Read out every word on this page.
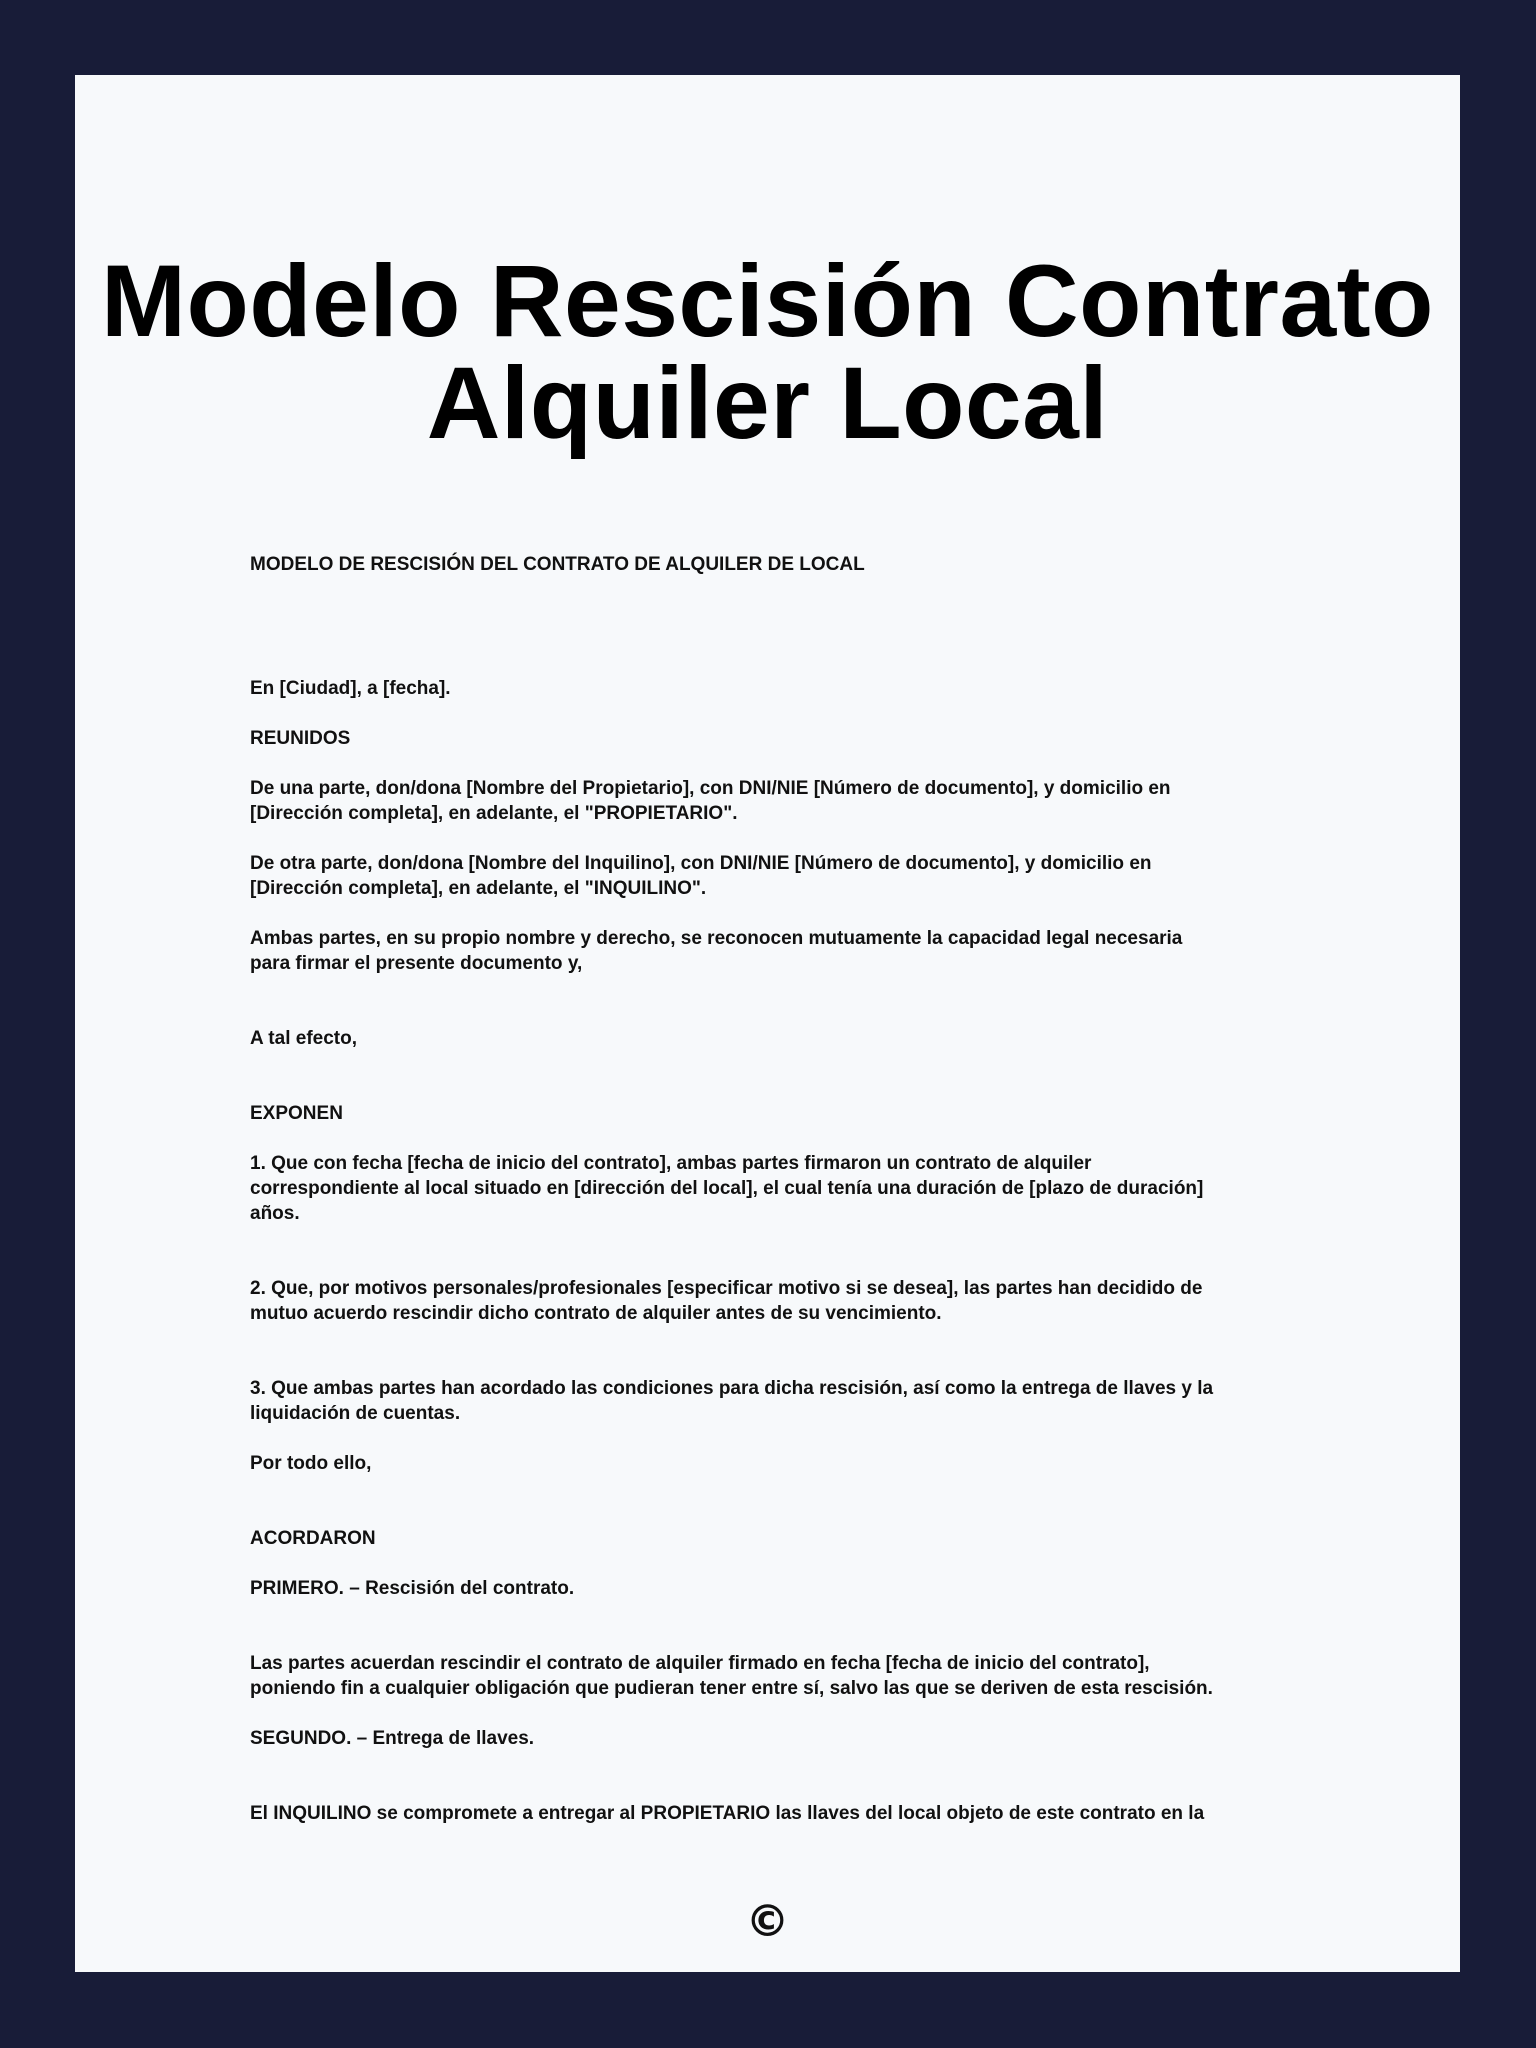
Modelo Rescisión Contrato
Alquiler Local

MODELO DE RESCISIÓN DEL CONTRATO DE ALQUILER DE LOCAL

En [Ciudad], a [fecha].

REUNIDOS

De una parte, don/dona [Nombre del Propietario], con DNI/NIE [Número de documento], y domicilio en

[Dirección completa], en adelante, el "PROPIETARIO".

De otra parte, don/dona [Nombre del Inquilino], con DNI/NIE [Número de documento], y domicilio en

[Dirección completa], en adelante, el "INQUILINO".

Ambas partes, en su propio nombre y derecho, se reconocen mutuamente la capacidad legal necesaria

para firmar el presente documento y,

A tal efecto,

EXPONEN

1. Que con fecha [fecha de inicio del contrato], ambas partes firmaron un contrato de alquiler

correspondiente al local situado en [dirección del local], el cual tenía una duración de [plazo de duración]

años.

2. Que, por motivos personales/profesionales [especificar motivo si se desea], las partes han decidido de

mutuo acuerdo rescindir dicho contrato de alquiler antes de su vencimiento.

3. Que ambas partes han acordado las condiciones para dicha rescisión, así como la entrega de llaves y la

liquidación de cuentas.

Por todo ello,

ACORDARON

PRIMERO. – Rescisión del contrato.

Las partes acuerdan rescindir el contrato de alquiler firmado en fecha [fecha de inicio del contrato],

poniendo fin a cualquier obligación que pudieran tener entre sí, salvo las que se deriven de esta rescisión.

SEGUNDO. – Entrega de llaves.

El INQUILINO se compromete a entregar al PROPIETARIO las llaves del local objeto de este contrato en la

©
